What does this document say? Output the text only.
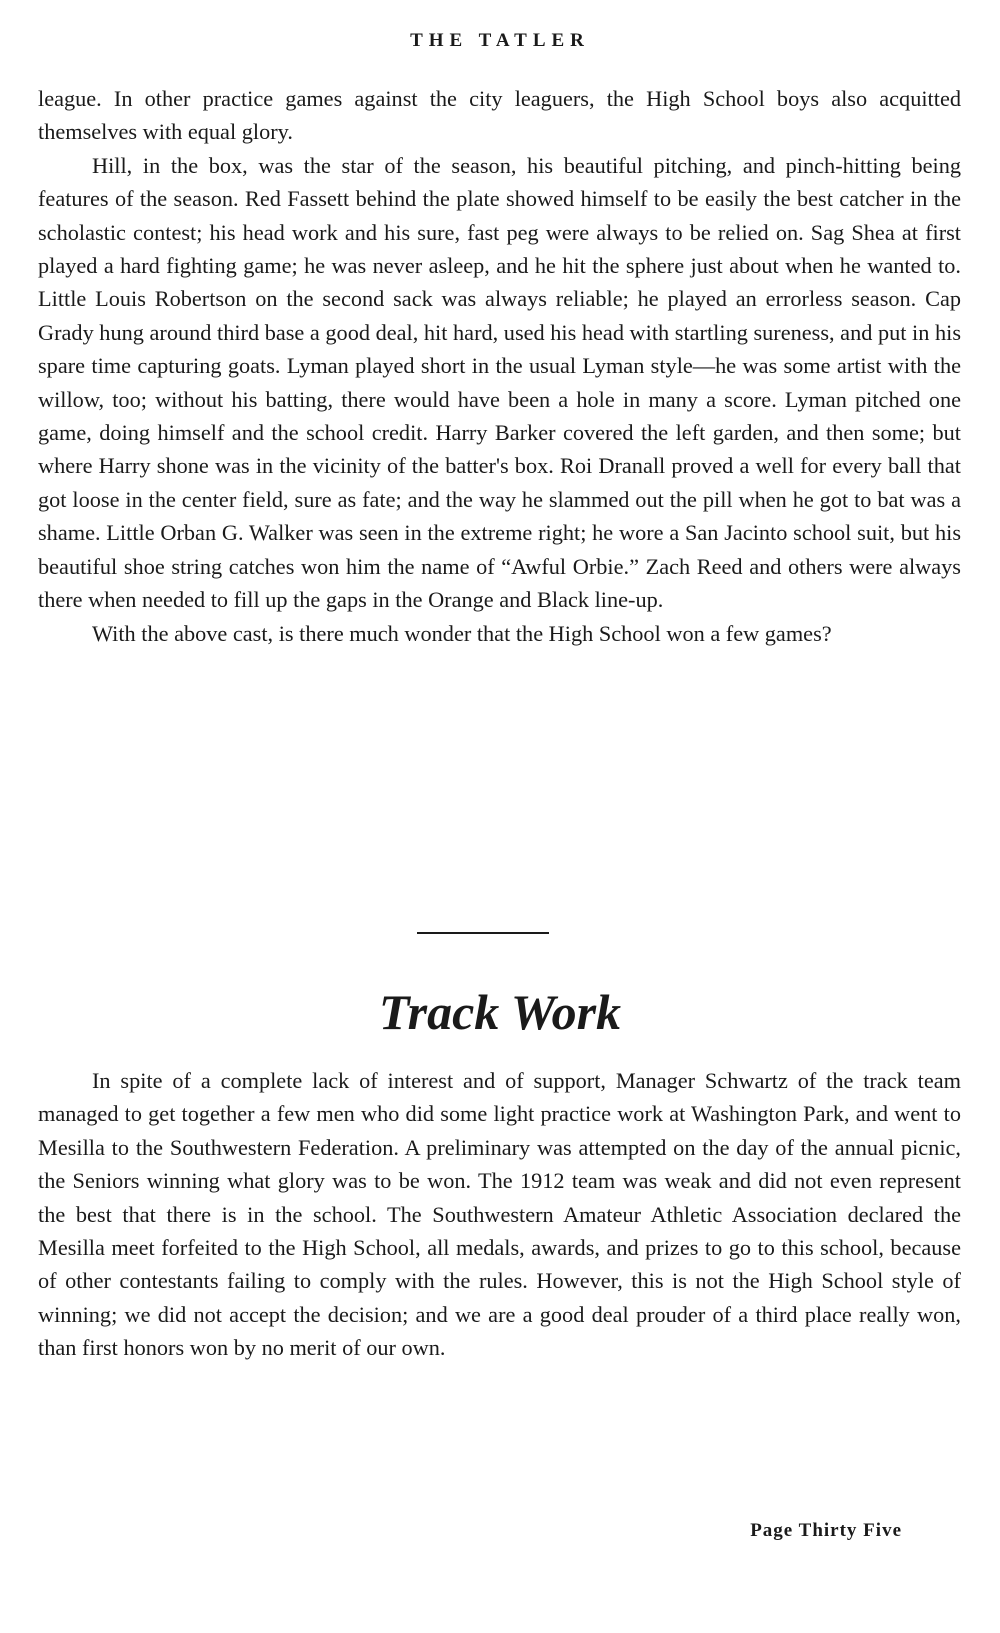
THE TATLER

league. In other practice games against the city leaguers, the High School boys also acquitted themselves with equal glory.

Hill, in the box, was the star of the season, his beautiful pitching, and pinch-hitting being features of the season. Red Fassett behind the plate showed himself to be easily the best catcher in the scholastic contest; his head work and his sure, fast peg were always to be relied on. Sag Shea at first played a hard fighting game; he was never asleep, and he hit the sphere just about when he wanted to. Little Louis Robertson on the second sack was always reliable; he played an errorless season. Cap Grady hung around third base a good deal, hit hard, used his head with startling sureness, and put in his spare time capturing goats. Lyman played short in the usual Lyman style—he was some artist with the willow, too; without his batting, there would have been a hole in many a score. Lyman pitched one game, doing himself and the school credit. Harry Barker covered the left garden, and then some; but where Harry shone was in the vicinity of the batter's box. Roi Dranall proved a well for every ball that got loose in the center field, sure as fate; and the way he slammed out the pill when he got to bat was a shame. Little Orban G. Walker was seen in the extreme right; he wore a San Jacinto school suit, but his beautiful shoe string catches won him the name of “Awful Orbie.” Zach Reed and others were always there when needed to fill up the gaps in the Orange and Black line-up.

With the above cast, is there much wonder that the High School won a few games?

Track Work

In spite of a complete lack of interest and of support, Manager Schwartz of the track team managed to get together a few men who did some light practice work at Washington Park, and went to Mesilla to the Southwestern Federation. A preliminary was attempted on the day of the annual picnic, the Seniors winning what glory was to be won. The 1912 team was weak and did not even represent the best that there is in the school. The Southwestern Amateur Athletic Association declared the Mesilla meet forfeited to the High School, all medals, awards, and prizes to go to this school, because of other contestants failing to comply with the rules. However, this is not the High School style of winning; we did not accept the decision; and we are a good deal prouder of a third place really won, than first honors won by no merit of our own.

Page Thirty Five
